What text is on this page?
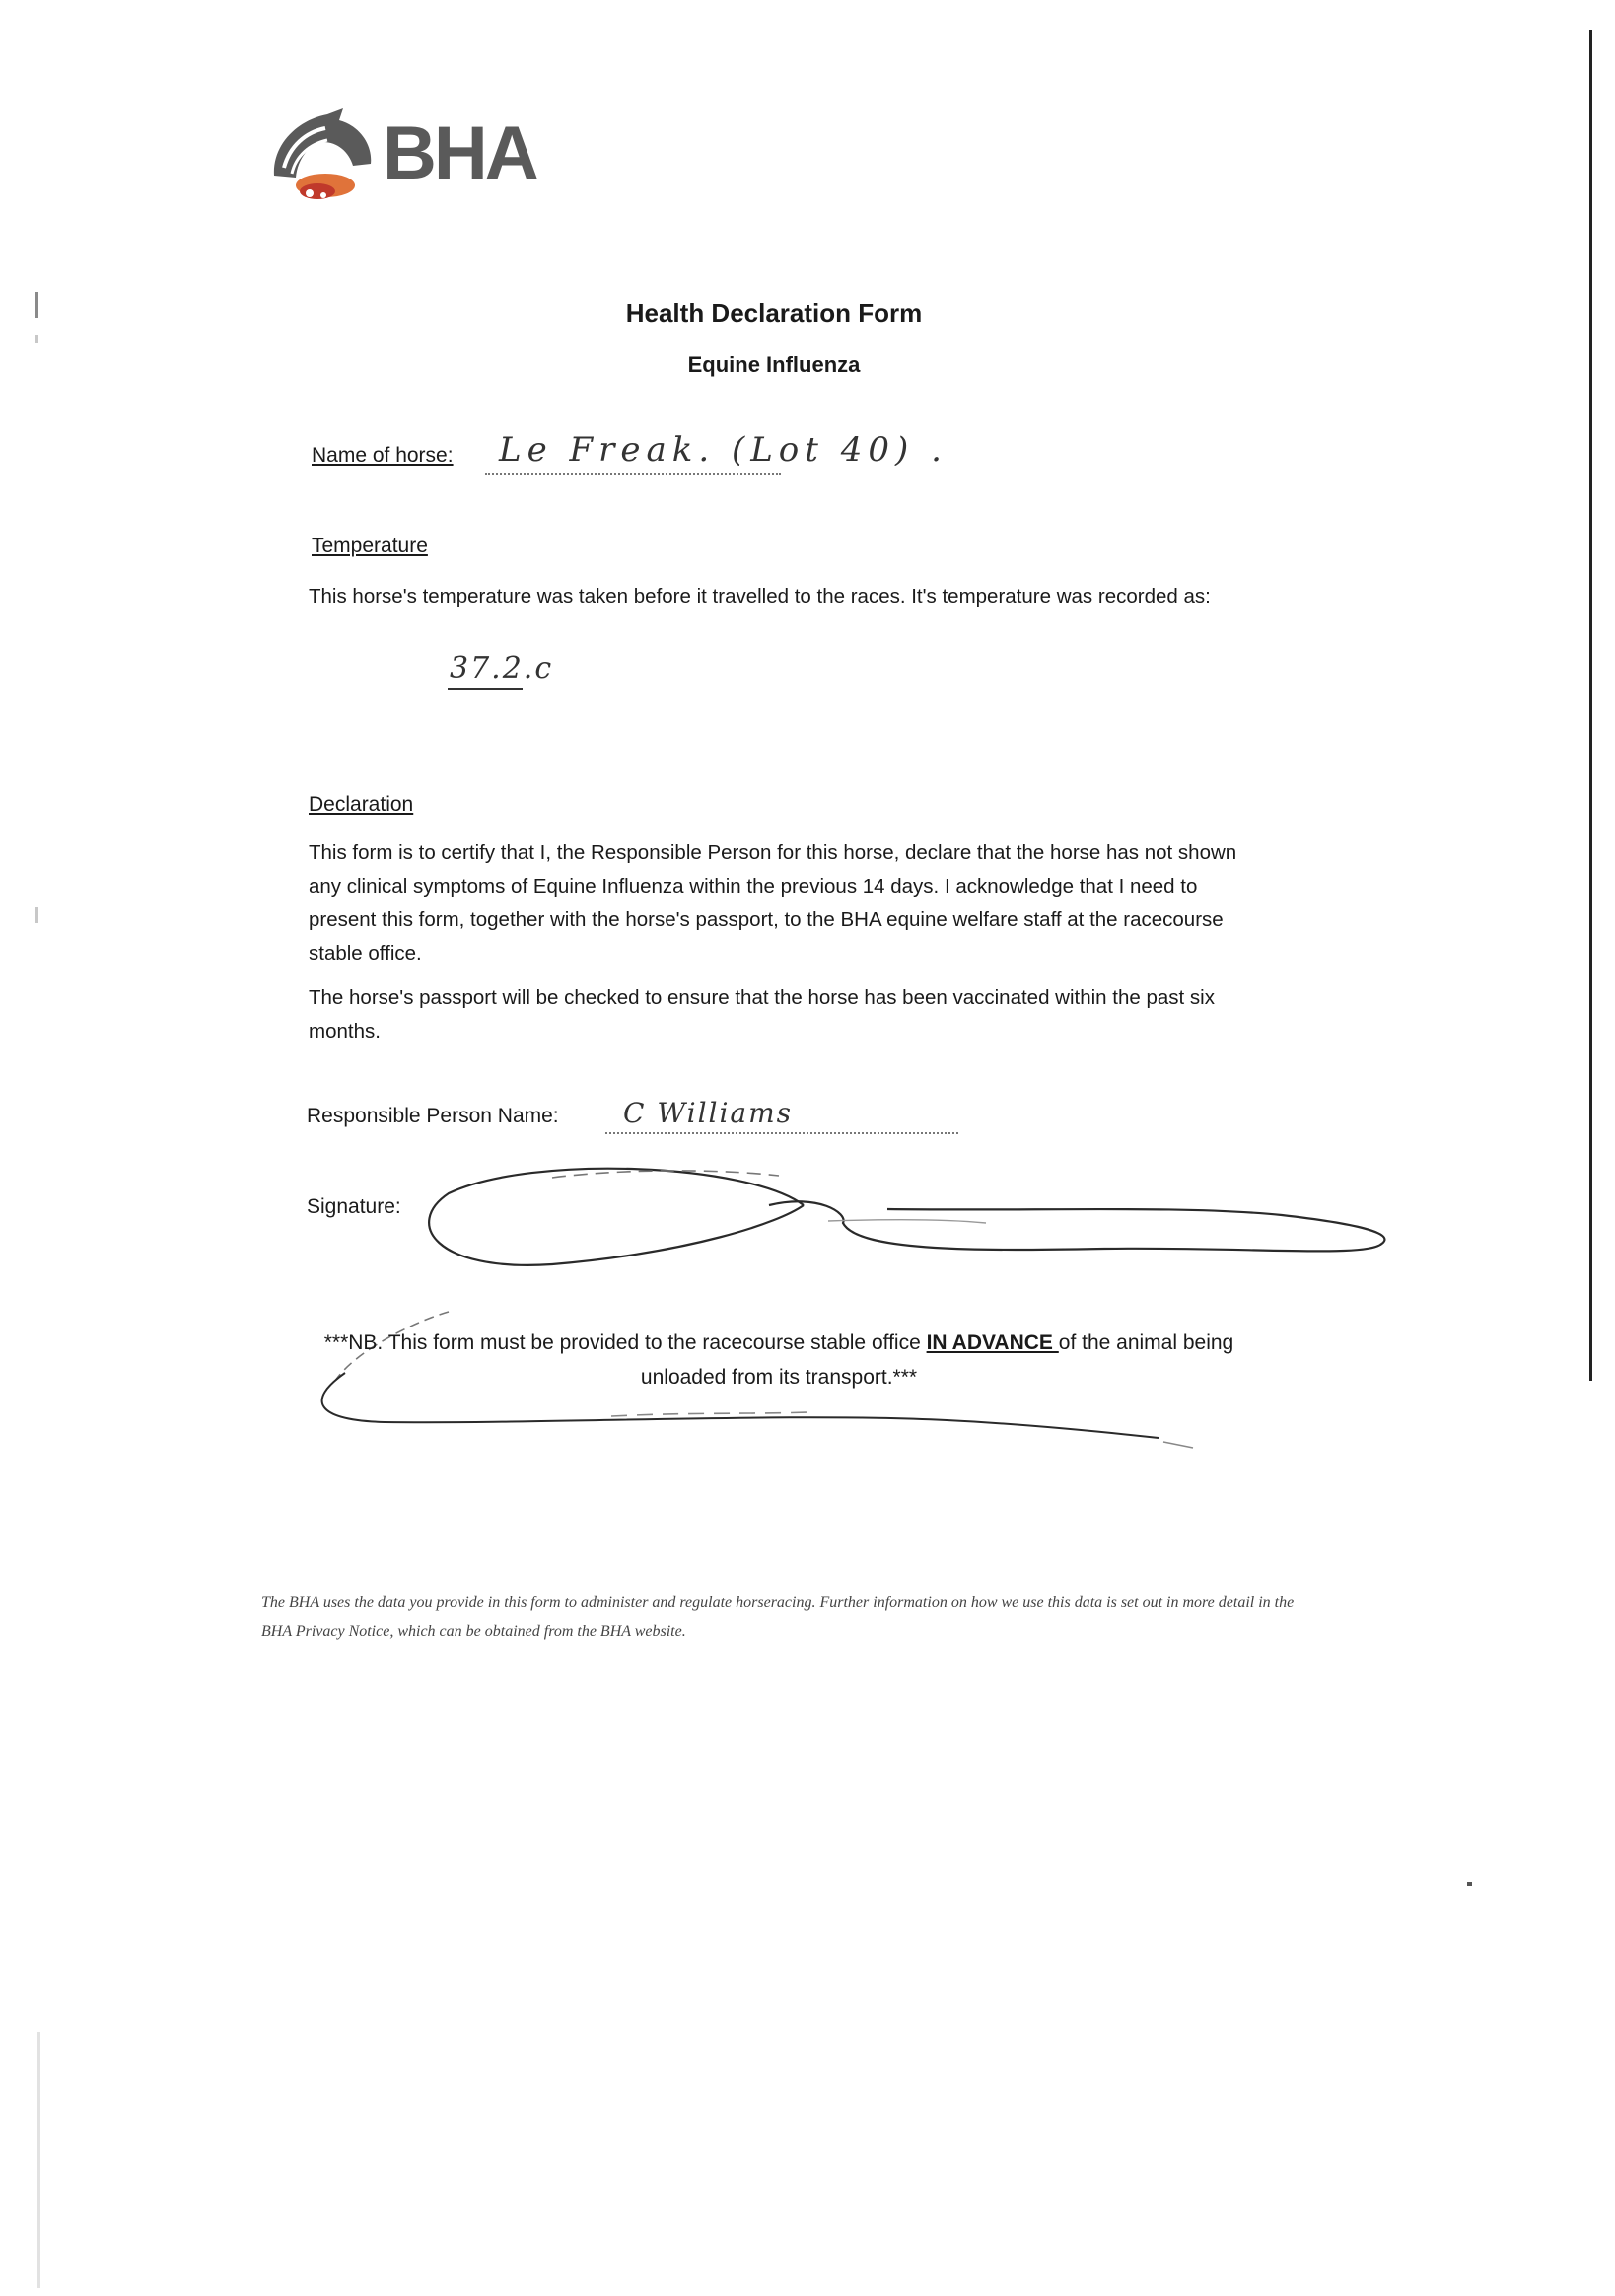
BHA
Health Declaration Form
Equine Influenza
Name of horse: Le Freak. (Lot 40) .
Temperature
This horse's temperature was taken before it travelled to the races. It's temperature was recorded as:
37.2.c
Declaration
This form is to certify that I, the Responsible Person for this horse, declare that the horse has not shown any clinical symptoms of Equine Influenza within the previous 14 days. I acknowledge that I need to present this form, together with the horse's passport, to the BHA equine welfare staff at the racecourse stable office.
The horse's passport will be checked to ensure that the horse has been vaccinated within the past six months.
Responsible Person Name: C Williams
Signature:
***NB. This form must be provided to the racecourse stable office IN ADVANCE of the animal being unloaded from its transport.***
The BHA uses the data you provide in this form to administer and regulate horseracing. Further information on how we use this data is set out in more detail in the BHA Privacy Notice, which can be obtained from the BHA website.
